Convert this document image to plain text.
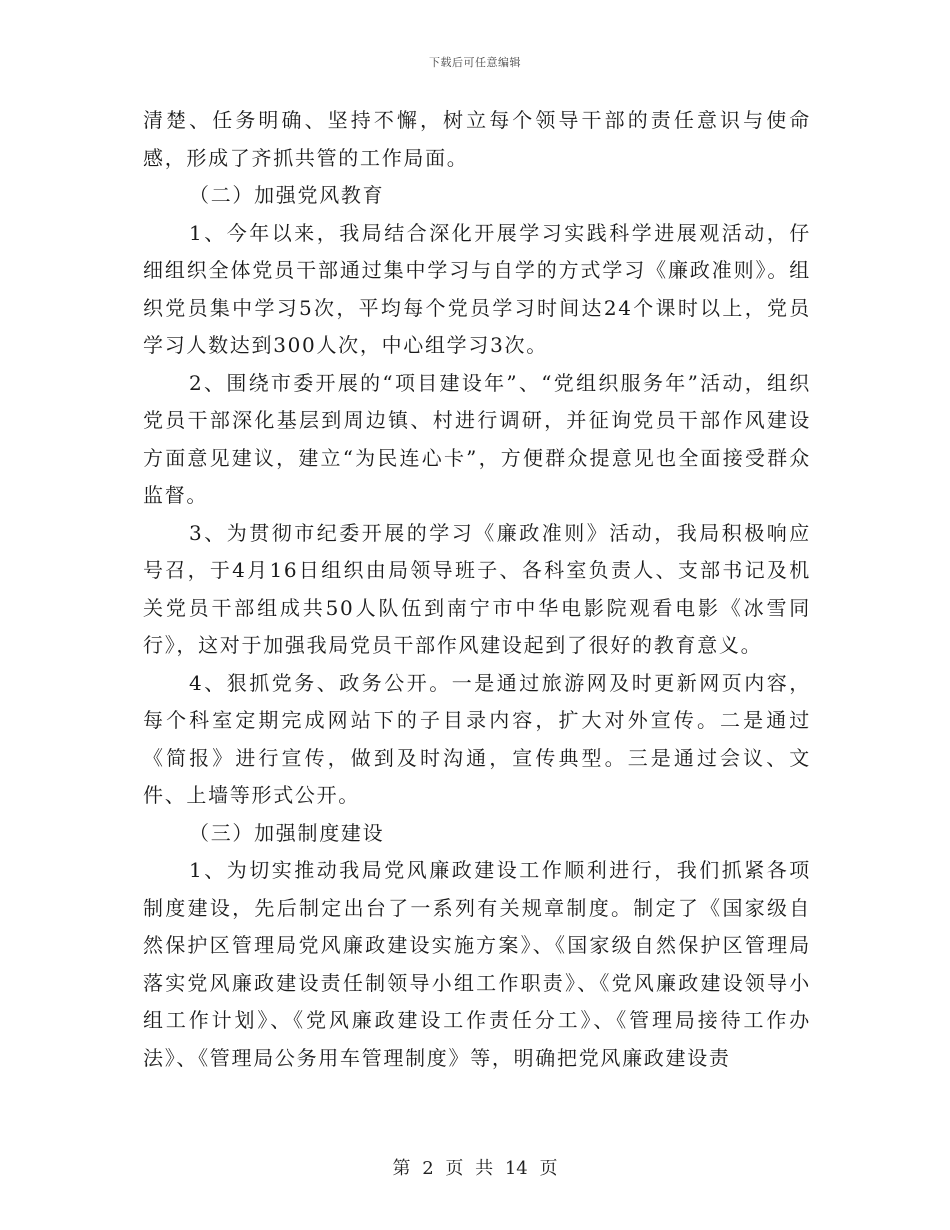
下载后可任意编辑

清楚、任务明确、坚持不懈，树立每个领导干部的责任意识与使命感，形成了齐抓共管的工作局面。

（二）加强党风教育

1、今年以来，我局结合深化开展学习实践科学进展观活动，仔细组织全体党员干部通过集中学习与自学的方式学习《廉政准则》。组织党员集中学习5次，平均每个党员学习时间达24个课时以上，党员学习人数达到300人次，中心组学习3次。

2、围绕市委开展的“项目建设年”、“党组织服务年”活动，组织党员干部深化基层到周边镇、村进行调研，并征询党员干部作风建设方面意见建议，建立“为民连心卡”，方便群众提意见也全面接受群众监督。

3、为贯彻市纪委开展的学习《廉政准则》活动，我局积极响应号召，于4月16日组织由局领导班子、各科室负责人、支部书记及机关党员干部组成共50人队伍到南宁市中华电影院观看电影《冰雪同行》，这对于加强我局党员干部作风建设起到了很好的教育意义。

4、狠抓党务、政务公开。一是通过旅游网及时更新网页内容，每个科室定期完成网站下的子目录内容，扩大对外宣传。二是通过《简报》进行宣传，做到及时沟通，宣传典型。三是通过会议、文件、上墙等形式公开。

（三）加强制度建设

1、为切实推动我局党风廉政建设工作顺利进行，我们抓紧各项制度建设，先后制定出台了一系列有关规章制度。制定了《国家级自然保护区管理局党风廉政建设实施方案》、《国家级自然保护区管理局落实党风廉政建设责任制领导小组工作职责》、《党风廉政建设领导小组工作计划》、《党风廉政建设工作责任分工》、《管理局接待工作办法》、《管理局公务用车管理制度》等，明确把党风廉政建设责

第 2 页 共 14 页
